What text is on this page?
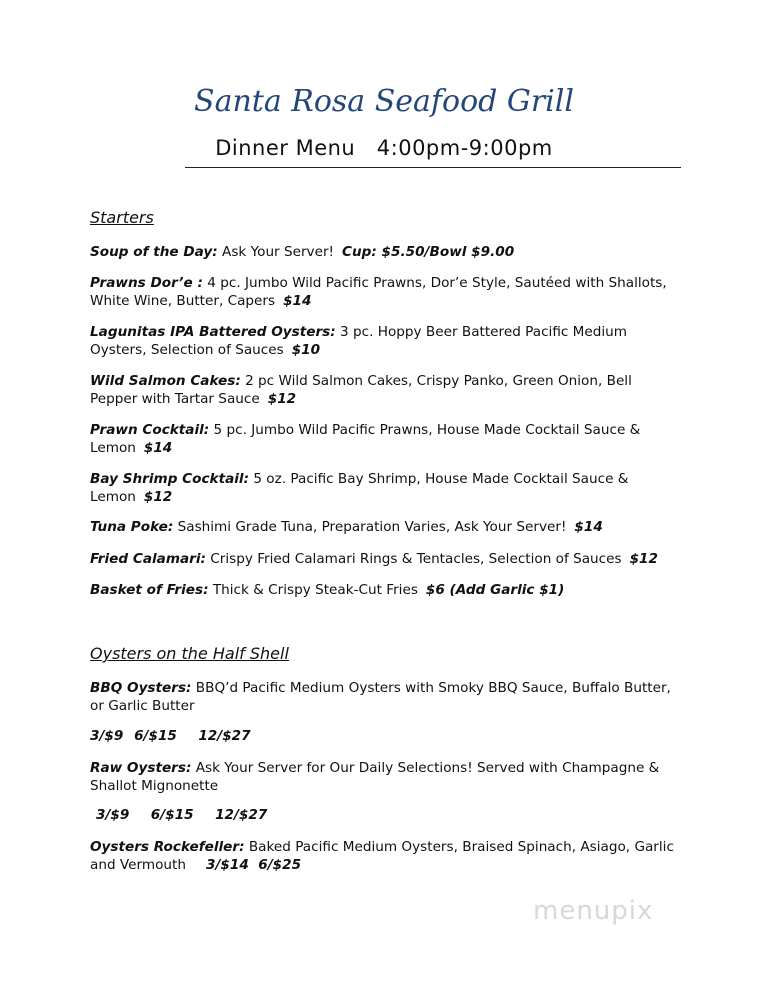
Santa Rosa Seafood Grill
Dinner Menu   4:00pm-9:00pm
Starters
Soup of the Day: Ask Your Server! Cup: $5.50/Bowl $9.00
Prawns Dor’e : 4 pc. Jumbo Wild Pacific Prawns, Dor’e Style, Sautéed with Shallots, White Wine, Butter, Capers $14
Lagunitas IPA Battered Oysters: 3 pc. Hoppy Beer Battered Pacific Medium Oysters, Selection of Sauces $10
Wild Salmon Cakes: 2 pc Wild Salmon Cakes, Crispy Panko, Green Onion, Bell Pepper with Tartar Sauce $12
Prawn Cocktail: 5 pc. Jumbo Wild Pacific Prawns, House Made Cocktail Sauce & Lemon $14
Bay Shrimp Cocktail: 5 oz. Pacific Bay Shrimp, House Made Cocktail Sauce & Lemon $12
Tuna Poke: Sashimi Grade Tuna, Preparation Varies, Ask Your Server! $14
Fried Calamari: Crispy Fried Calamari Rings & Tentacles, Selection of Sauces $12
Basket of Fries: Thick & Crispy Steak-Cut Fries $6 (Add Garlic $1)
Oysters on the Half Shell
BBQ Oysters: BBQ’d Pacific Medium Oysters with Smoky BBQ Sauce, Buffalo Butter, or Garlic Butter
3/$9 6/$15  12/$27
Raw Oysters: Ask Your Server for Our Daily Selections! Served with Champagne & Shallot Mignonette
3/$9  6/$15  12/$27
Oysters Rockefeller: Baked Pacific Medium Oysters, Braised Spinach, Asiago, Garlic and Vermouth 3/$14  6/$25
menupix
